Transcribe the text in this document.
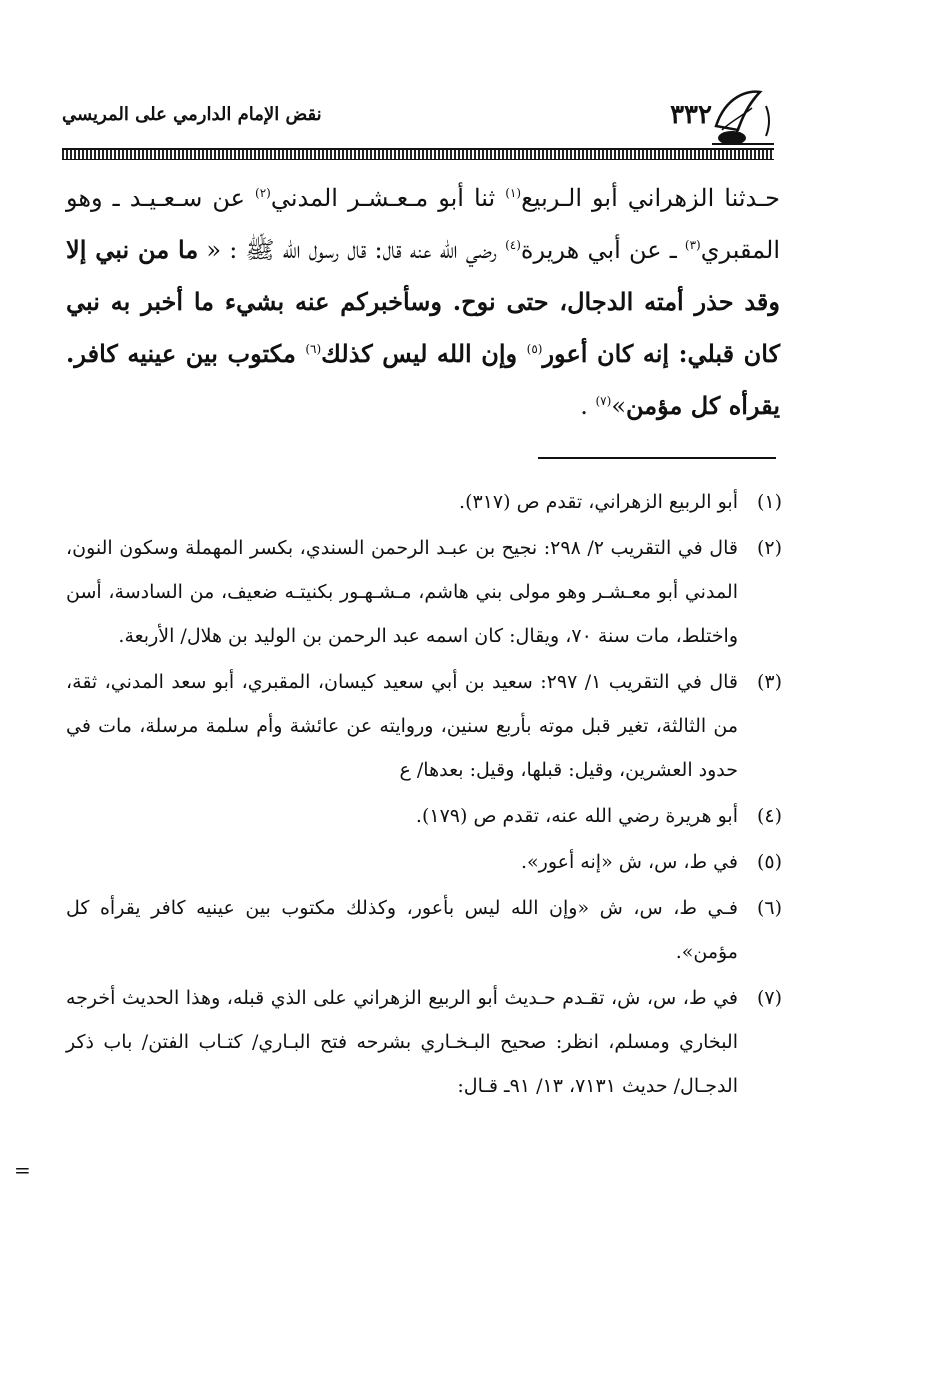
نقض الإمام الدارمي على المريسي	٣٣٢
حـدثنا الزهراني أبو الـربيع$^{(١)}$ ثنا أبو مـعـشـر المدني$^{(٢)}$ عن سـعـيـد ـ وهو المقبري$^{(٣)}$ ـ عن أبي هريرة$^{(٤)}$ رضي الله عنه قال: قال رسول الله ﷺ : « ما من نبي إلا وقد حذر أمته الدجال، حتى نوح. وسأخبركم عنه بشيء ما أخبر به نبي كان قبلي: إنه كان أعور$^{(٥)}$ وإن الله ليس كذلك$^{(٦)}$ مكتوب بين عينيه كافر. يقرأه كل مؤمن»$^{(٧)}$ .
(١)
أبو الربيع الزهراني، تقدم ص (٣١٧).
(٢)
قال في التقريب ٢/ ٢٩٨: نجيح بن عبـد الرحمن السندي، بكسر المهملة وسكون النون، المدني أبو معـشـر وهو مولى بني هاشم، مـشـهـور بكنيتـه ضعيف، من السادسة، أسن واختلط، مات سنة ٧٠، ويقال: كان اسمه عبد الرحمن بن الوليد بن هلال/ الأربعة.
(٣)
قال في التقريب ١/ ٢٩٧: سعيد بن أبي سعيد كيسان، المقبري، أبو سعد المدني، ثقة، من الثالثة، تغير قبل موته بأربع سنين، وروايته عن عائشة وأم سلمة مرسلة، مات في حدود العشرين، وقيل: قبلها، وقيل: بعدها/ ع
(٤)
أبو هريرة رضي الله عنه، تقدم ص (١٧٩).
(٥)
في ط، س، ش «إنه أعور».
(٦)
فـي ط، س، ش «وإن الله ليس بأعور، وكذلك مكتوب بين عينيه كافر يقرأه كل مؤمن».
(٧)
في ط، س، ش، تقـدم حـديث أبو الربيع الزهراني على الذي قبله، وهذا الحديث أخرجه البخاري ومسلم، انظر: صحيح البـخـاري بشرحه فتح البـاري/ كتـاب الفتن/ باب ذكر الدجـال/ حديث ٧١٣١، ١٣/ ٩١ـ قـال:
=
